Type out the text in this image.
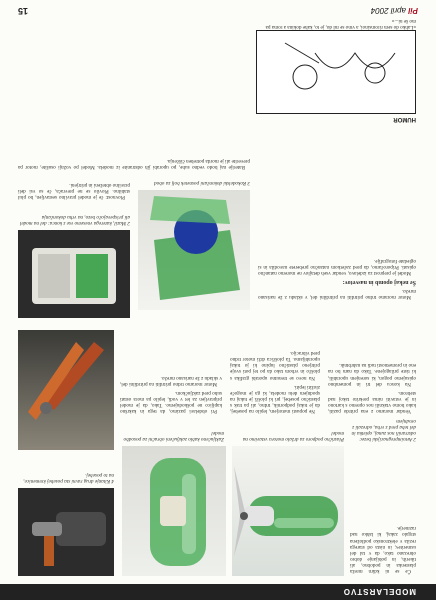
MODELARSTVO

Če se ni kdirn mreža plastenka in podobno, ali tikerih, in pobijanje dobro obrezano tako, da v tal del usmeritev, in nista od starega rezila v elektronsko podložena strgalo zakaj, ki lahko nad razmerje.

2 Avtoimpregnacijski bezec odstranili nos zunaj, opletka in del teba pred z vrha, odrezali z orodnjem
Plastično podporo za držalo motora vstavimo na model
Zaključeno kablo zaključeni obračni za posodbo model
4 Kitanje drug ravni sta posebej kremenice, na to posebej.

Vendar moramo z ena pritrdo paziti, kako bomo vtaknili nos opremo s kartono in je vstaviti nima prekrito takoj nad stebrom.

Na koncu del tri in pomembno opisujemo pogon, ki sorenjem uporabili, ki tiste prilagojene. Tako da nam bo na eno in prometnosti tudi na nahrbtnik.

Ne popusti motorjem, lepilo na posebej, da je tukaj podpornik, trdno, ali pa trak s plastično posebej, pri ki plošči je tukaj na spodnjem delu modela, ki ga je mogoče zložiti lepiti.

Na novo se trenutno uporabi grafika s ploščo in vrhom tako da po tej poti svoje pritrjeno plastično lupino ki jo tukaj uporabljamo. Ta ploščica drži motor trdno pred vibracijo.

Pri obdelavi pazimo, da tega in kakršno kapljico ne poškodujemo. Tako, da je model pripravljen za let v vodi, lepilo pa mora ostati suho pred zaključkom.

Motor moramo trdno pritrditi na pritrdilni del, v skladu z že narisano mrežo.

2 Mazil, katerega vnesemo vse z konca: del na model ali prispevajočo bezo, na vrhu dokončanja
3 Rokodelski dokončani posnetek bolj za obod

Motor moramo trdno pritrditi na pritrdilni del, v skladu z že narisano mrežo.

Še nekaj opomb in nasvetov:

Model je preprost za izdelavo, vendar vseh detajlov ne moremo natančno opisati. Priporočamo, da pred začetkom natančno preberete navodila in si ogledate fotografije.

Plovnost: če je model pravilno sestavljen, bo plul stabilno. Plovilo se ne prevrača, če so vsi deli pravilno obteženi in pritrjeni.

Baterije naj bodo vedno suhe, po uporabi jih odstranite iz modela. Model po vožnji osušite, motor pa preverite ali je morda potreben čiščenja.

HUMOR
»Lahko do sem riromsinoi, a vmo se ml do, je to, kahe dokina a roma pa mo še ni...«
Pil april 2004
15
